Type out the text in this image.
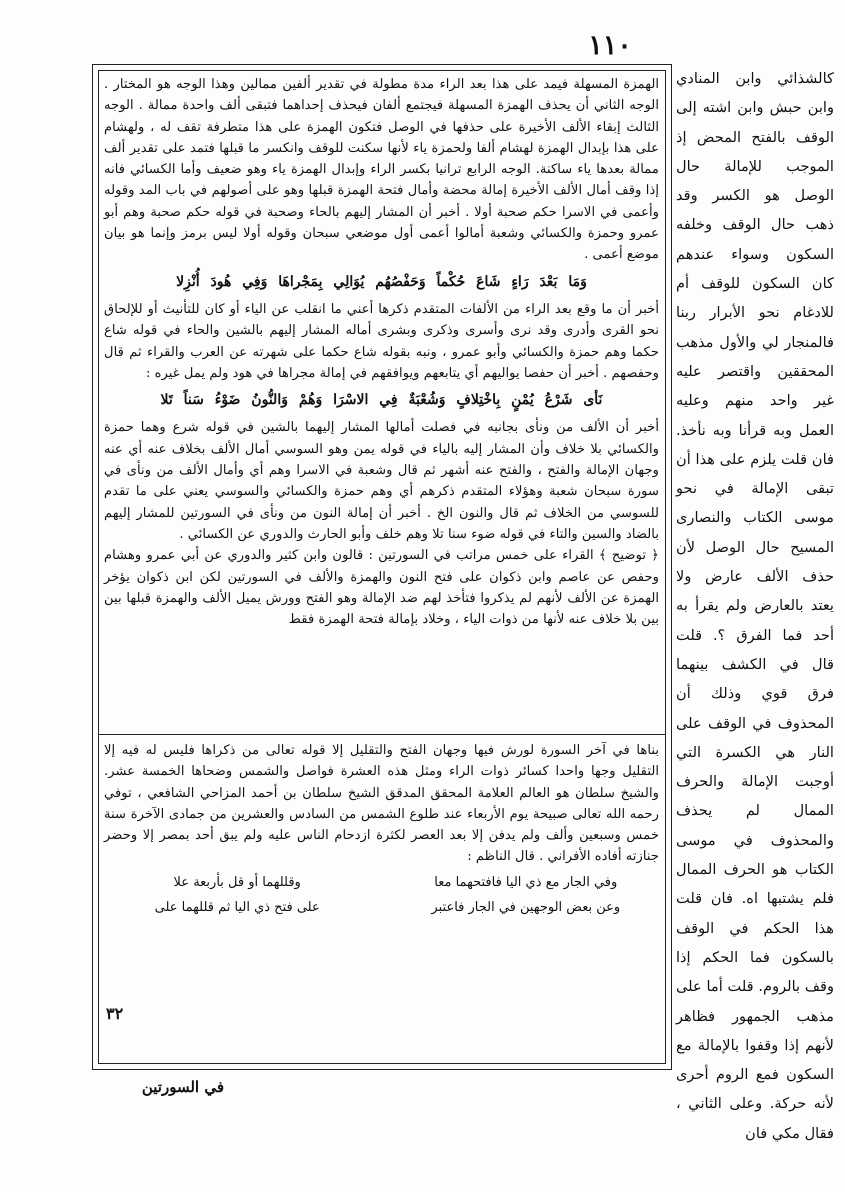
١١٠

الهمزة المسهلة فيمد على هذا بعد الراء مدة مطولة في تقدير ألفين ممالين وهذا الوجه هو المختار . الوجه الثاني أن يحذف الهمزة المسهلة فيجتمع ألفان فيحذف إحداهما فتبقى ألف واحدة ممالة . الوجه الثالث إبقاء الألف الأخيرة على حذفها في الوصل فتكون الهمزة على هذا متطرفة تقف له ، ولهشام على هذا بإبدال الهمزة لهشام ألفا ولحمزة ياء لأنها سكنت للوقف وانكسر ما قبلها فتمد على تقدير ألف ممالة بعدها ياء ساكنة. الوجه الرابع ترانيا بكسر الراء وإبدال الهمزة ياء وهو ضعيف وأما الكسائي فانه إذا وقف أمال الألف الأخيرة إمالة محضة وأمال فتحة الهمزة قبلها وهو على أصولهم في باب المد وقوله وأعمى في الاسرا حكم صحبة أولا . أخبر أن المشار إليهم بالحاء وصحبة في قوله حكم صحبة وهم أبو عمرو وحمزة والكسائي وشعبة أمالوا أعمى أول موضعي سبحان وقوله أولا ليس برمز وإنما هو بيان موضع أعمى .

وَمَا بَعْدَ رَاءٍ شَاعَ حُكْماً وَحَفْصُهُم يُوَالِي بِمَجْراهَا وَفِي هُودَ أُنْزِلا

أخبر أن ما وقع بعد الراء من الألفات المتقدم ذكرها أعني ما انقلب عن الياء أو كان للتأنيث أو للإلحاق نحو القرى وأدرى وقد نرى وأسرى وذكرى وبشرى أماله المشار إليهم بالشين والحاء في قوله شاع حكما وهم حمزة والكسائي وأبو عمرو ، ونبه بقوله شاع حكما على شهرته عن العرب والقراء ثم قال وحفصهم . أخبر أن حفصا يواليهم أي يتابعهم ويوافقهم في إمالة مجراها في هود ولم يمل غيره :

نَأى شَرْعُ يُمْنٍ بِاخْتِلافٍ وَشُعْبَةٌ فِي الاسْرَا وَهُمْ وَالنُّونُ ضَوْءُ سَناً تَلا

أخبر أن الألف من ونأى بجانبه في فصلت أمالها المشار إليهما بالشين في قوله شرع وهما حمزة والكسائي بلا خلاف وأن المشار إليه بالياء في قوله يمن وهو السوسي أمال الألف بخلاف عنه أي عنه وجهان الإمالة والفتح ، والفتح عنه أشهر ثم قال وشعبة في الاسرا وهم أي وأمال الألف من ونأى في سورة سبحان شعبة وهؤلاء المتقدم ذكرهم أي وهم حمزة والكسائي والسوسي يعني على ما تقدم للسوسي من الخلاف ثم قال والنون الخ . أخبر أن إمالة النون من ونأى في السورتين للمشار إليهم بالضاد والسين والتاء في قوله ضوء سنا تلا وهم خلف وأبو الحارث والدوري عن الكسائي .

﴿ توضيح ﴾ القراء على خمس مراتب في السورتين : قالون وابن كثير والدوري عن أبي عمرو وهشام وحفص عن عاصم وابن ذكوان على فتح النون والهمزة والألف في السورتين لكن ابن ذكوان يؤخر الهمزة عن الألف لأنهم لم يذكروا فتأخذ لهم ضد الإمالة وهو الفتح وورش يميل الألف والهمزة قبلها بين بين بلا خلاف عنه لأنها من ذوات الياء ، وخلاد بإمالة فتحة الهمزة فقط

بناها في آخر السورة لورش فيها وجهان الفتح والتقليل إلا قوله تعالى من ذكراها فليس له فيه إلا التقليل وجها واحدا كسائر ذوات الراء ومثل هذه العشرة فواصل والشمس وضحاها الخمسة عشر. والشيخ سلطان هو العالم العلامة المحقق المدقق الشيخ سلطان بن أحمد المزاحي الشافعي ، توفي رحمه الله تعالى صبيحة يوم الأربعاء عند طلوع الشمس من السادس والعشرين من جمادى الآخرة سنة خمس وسبعين وألف ولم يدفن إلا بعد العصر لكثرة ازدحام الناس عليه ولم يبق أحد بمصر إلا وحضر جنازته أفاده الأفراني . قال الناظم :

وفي الجار مع ذي اليا فافتحهما معا
وقللهما أو قل بأربعة علا
وعن بعض الوجهين في الجار فاعتبر
على فتح ذي اليا ثم قللهما على
٣٢

كالشذائي وابن المنادي وابن حبش وابن اشته إلى الوقف بالفتح المحض إذ الموجب للإمالة حال الوصل هو الكسر وقد ذهب حال الوقف وخلفه السكون وسواء عندهم كان السكون للوقف أم للادغام نحو الأبرار ربنا فالمنجار لي والأول مذهب المحققين واقتصر عليه غير واحد منهم وعليه العمل وبه قرأنا وبه نأخذ. فان قلت يلزم على هذا أن تبقى الإمالة في نحو موسى الكتاب والنصارى المسيح حال الوصل لأن حذف الألف عارض ولا يعتد بالعارض ولم يقرأ به أحد فما الفرق ؟. قلت قال في الكشف بينهما فرق قوي وذلك أن المحذوف في الوقف على النار هي الكسرة التي أوجبت الإمالة والحرف الممال لم يحذف والمحذوف في موسى الكتاب هو الحرف الممال فلم يشتبها اه. فان قلت هذا الحكم في الوقف بالسكون فما الحكم إذا وقف بالروم. قلت أما على مذهب الجمهور فظاهر لأنهم إذا وقفوا بالإمالة مع السكون فمع الروم أحرى لأنه حركة. وعلى الثاني ، فقال مكي فان

في السورتين
